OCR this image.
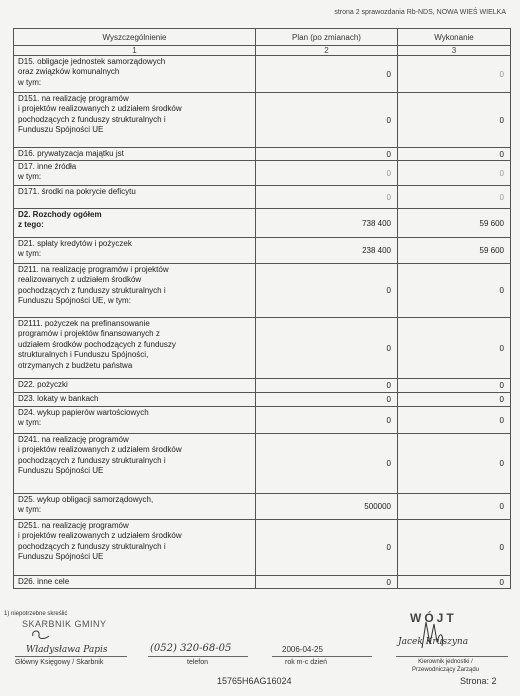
strona 2 sprawozdania Rb-NDS, NOWA WIEŚ WIELKA
Wyszczególnienie	Plan (po zmianach)	Wykonanie
1	2	3
D15. obligacje jednostek samorządowych
oraz związków komunalnych
w tym:	0	0
D151. na realizację programów
i projektów realizowanych z udziałem środków
pochodzących z funduszy strukturalnych i
Funduszu Spójności UE	0	0
D16. prywatyzacja majątku jst	0	0
D17. inne źródła
w tym:	0	0
D171. środki na pokrycie deficytu	0	0
D2. Rozchody ogółem
z tego:	738 400	59 600
D21. spłaty kredytów i pożyczek
w tym:	238 400	59 600
D211. na realizację programów i projektów
realizowanych z udziałem środków
pochodzących z funduszy strukturalnych i
Funduszu Spójności UE, w tym:	0	0
D2111. pożyczek na prefinansowanie
programów i projektów finansowanych z
udziałem środków pochodzących z funduszy
strukturalnych i Funduszu Spójności,
otrzymanych z budżetu państwa	0	0
D22. pożyczki	0	0
D23. lokaty w bankach	0	0
D24. wykup papierów wartościowych
w tym:	0	0
D241. na realizację programów
i projektów realizowanych z udziałem środków
pochodzących z funduszy strukturalnych i
Funduszu Spójności UE	0	0
D25. wykup obligacji samorządowych,
w tym:	500000	0
D251. na realizację programów
i projektów realizowanych z udziałem środków
pochodzących z funduszy strukturalnych i
Funduszu Spójności UE	0	0
D26. inne cele	0	0
1) niepotrzebne skreślić
SKARBNIK GMINY
Władysława Papis
Główny Księgowy / Skarbnik
(052) 320-68-05
telefon
2006-04-25
rok m-c dzień
WÓJT
Jacek Kruszyna
Kierownik jednostki /
Przewodniczący Zarządu
15765H6AG16024	Strona: 2
